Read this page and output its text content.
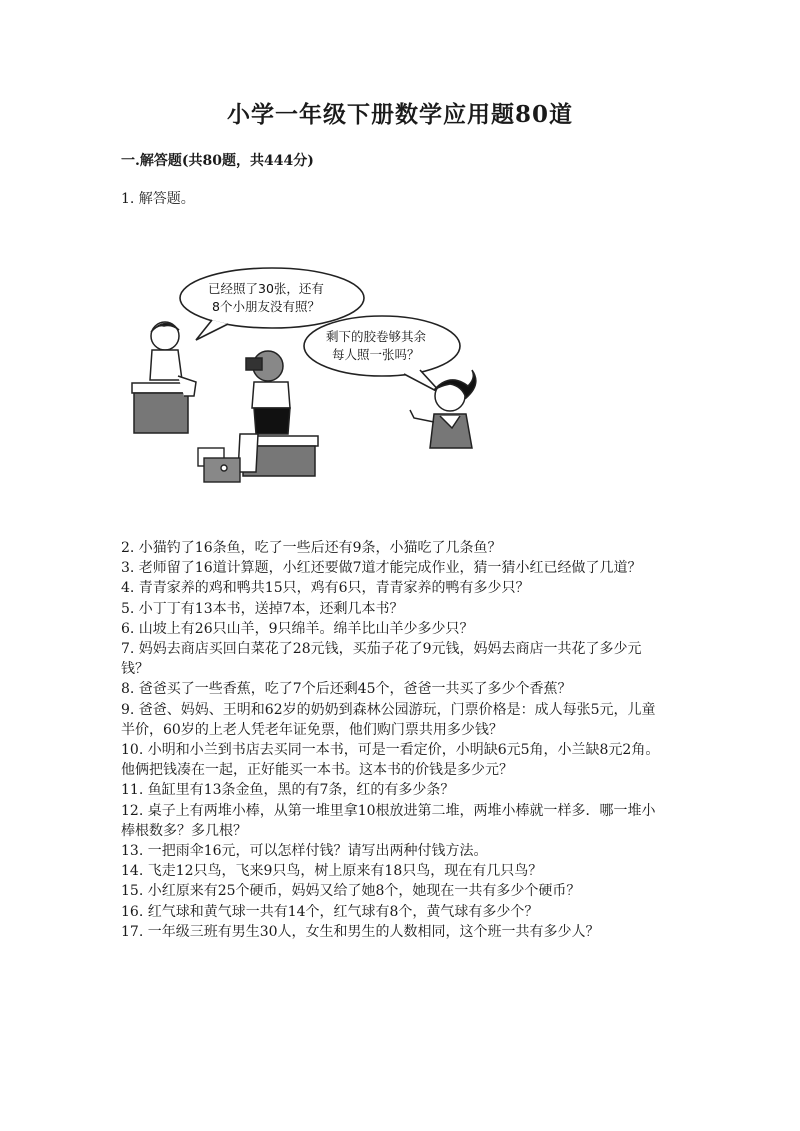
小学一年级下册数学应用题80道
一.解答题(共80题，共444分)
1. 解答题。
已经照了30张，还有
8个小朋友没有照？
剩下的胶卷够其余
每人照一张吗？

2. 小猫钓了16条鱼，吃了一些后还有9条，小猫吃了几条鱼？

3. 老师留了16道计算题，小红还要做7道才能完成作业，猜一猜小红已经做了几道？

4. 青青家养的鸡和鸭共15只，鸡有6只，青青家养的鸭有多少只？

5. 小丁丁有13本书，送掉7本，还剩几本书？

6. 山坡上有26只山羊，9只绵羊。绵羊比山羊少多少只？

7. 妈妈去商店买回白菜花了28元钱，买茄子花了9元钱，妈妈去商店一共花了多少元钱？

8. 爸爸买了一些香蕉，吃了7个后还剩45个，爸爸一共买了多少个香蕉？

9. 爸爸、妈妈、王明和62岁的奶奶到森林公园游玩，门票价格是：成人每张5元，儿童半价，60岁的上老人凭老年证免票，他们购门票共用多少钱？

10. 小明和小兰到书店去买同一本书，可是一看定价，小明缺6元5角，小兰缺8元2角。他俩把钱凑在一起，正好能买一本书。这本书的价钱是多少元？

11. 鱼缸里有13条金鱼，黑的有7条，红的有多少条？

12. 桌子上有两堆小棒，从第一堆里拿10根放进第二堆，两堆小棒就一样多．哪一堆小棒根数多？多几根？

13. 一把雨伞16元，可以怎样付钱？请写出两种付钱方法。

14. 飞走12只鸟，飞来9只鸟，树上原来有18只鸟，现在有几只鸟？

15. 小红原来有25个硬币，妈妈又给了她8个，她现在一共有多少个硬币？

16. 红气球和黄气球一共有14个，红气球有8个，黄气球有多少个？

17. 一年级三班有男生30人，女生和男生的人数相同，这个班一共有多少人？
